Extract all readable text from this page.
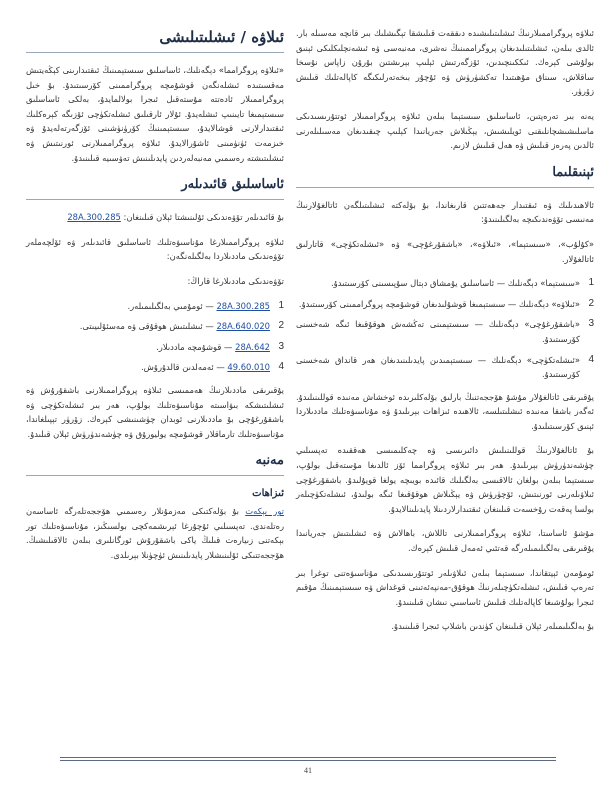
ئىلاۋە پروگراممىلارنىڭ ئىشلىتىلىشىدە دىققەت قىلىشقا تېگىشلىك بىر قانچە مەسىلە بار. ئالدى بىلەن، ئىشلىتىلىدىغان پروگراممىنىڭ نەشرى، مەنبەسى ۋە ئىشەنچلىكلىكى ئېنىق بولۇشى كېرەك. ئىككىنچىدىن، ئۆزگەرتىش ئېلىپ بېرىشتىن بۇرۇن زاپاس نۇسخا ساقلاش، سىناق مۇھىتىدا تەكشۈرۈش ۋە ئۇچۇر بىخەتەرلىكىگە كاپالەتلىك قىلىش زۆرۈر.

يەنە بىر تەرەپتىن، ئاساسلىق سىستېما بىلەن ئىلاۋە پروگراممىلار ئوتتۇرىسىدىكى ماسلىشىشچانلىقنى ئويلىشىش، يېڭىلاش جەريانىدا كېلىپ چىقىدىغان مەسىلىلەرنى ئالدىن پەرەز قىلىش ۋە ھەل قىلىش لازىم.

ئېنىقلىما

ئالاھىدىلىك ۋە ئىقتىدار جەھەتتىن قارىغاندا، بۇ بۆلەكتە ئىشلىتىلگەن ئاتالغۇلارنىڭ مەنىسى تۆۋەندىكىچە بەلگىلىنىدۇ:

«كۇلۇب»، «سىستېما»، «ئىلاۋە»، «باشقۇرغۇچى» ۋە «ئىشلەتكۈچى» قاتارلىق ئاتالغۇلار.

1
«سىستېما» دېگەنلىك — ئاساسلىق يۇمشاق دېتال سۇپىسىنى كۆرسىتىدۇ.
2
«ئىلاۋە» دېگەنلىك — سىستېمىغا قوشۇلىدىغان قوشۇمچە پروگراممىنى كۆرسىتىدۇ.
3
«باشقۇرغۇچى» دېگەنلىك — سىستېمىنى تەڭشەش ھوقۇقىغا ئىگە شەخسنى كۆرسىتىدۇ.
4
«ئىشلەتكۈچى» دېگەنلىك — سىستېمىدىن پايدىلىنىدىغان ھەر قانداق شەخسنى كۆرسىتىدۇ.

يۇقىرىقى ئاتالغۇلار مۇشۇ ھۆججەتنىڭ بارلىق بۆلەكلىرىدە ئوخشاش مەنىدە قوللىنىلىدۇ. ئەگەر باشقا مەنىدە ئىشلىتىلسە، ئالاھىدە ئىزاھات بېرىلىدۇ ۋە مۇناسىۋەتلىك ماددىلاردا ئېنىق كۆرسىتىلىدۇ.

بۇ ئاتالغۇلارنىڭ قوللىنىلىش دائىرىسى ۋە چەكلىمىسى ھەققىدە تەپسىلىي چۈشەندۈرۈش بېرىلىدۇ. ھەر بىر ئىلاۋە پروگرامما ئۆز ئالدىغا مۇستەقىل بولۇپ، سىستېما بىلەن بولغان ئالاقىسى بەلگىلىك قائىدە بويىچە يولغا قويۇلىدۇ. باشقۇرغۇچى ئىلاۋىلەرنى ئورنىتىش، ئۆچۈرۈش ۋە يېڭىلاش ھوقۇقىغا ئىگە بولىدۇ، ئىشلەتكۈچىلەر بولسا پەقەت رۇخسەت قىلىنغان ئىقتىدارلاردىنلا پايدىلىنالايدۇ.

مۇشۇ ئاساستا، ئىلاۋە پروگراممىلارنى تاللاش، باھالاش ۋە ئىشلىتىش جەريانىدا يۇقىرىقى بەلگىلىمىلەرگە قەتئىي ئەمەل قىلىش كېرەك.

ئومۇمەن ئېيتقاندا، سىستېما بىلەن ئىلاۋىلەر ئوتتۇرىسىدىكى مۇناسىۋەتنى توغرا بىر تەرەپ قىلىش، ئىشلەتكۈچىلەرنىڭ ھوقۇق-مەنپەئەتىنى قوغداش ۋە سىستېمىنىڭ مۇقىم ئىجرا بولۇشىغا كاپالەتلىك قىلىش ئاساسىي نىشان قىلىنىدۇ.

بۇ بەلگىلىمىلەر ئېلان قىلىنغان كۈندىن باشلاپ ئىجرا قىلىنىدۇ.

ئىلاۋە / ئىشلىتىلىشى

«ئىلاۋە پروگرامما» دېگەنلىك، ئاساسلىق سىستېمىنىڭ ئىقتىدارىنى كېڭەيتىش مەقسىتىدە ئىشلەنگەن قوشۇمچە پروگراممىنى كۆرسىتىدۇ. بۇ خىل پروگراممىلار ئادەتتە مۇستەقىل ئىجرا بولالمايدۇ، بەلكى ئاساسلىق سىستېمىغا تايىنىپ ئىشلەيدۇ. ئۇلار ئارقىلىق ئىشلەتكۈچى ئۆزىگە كېرەكلىك ئىقتىدارلارنى قوشالايدۇ، سىستېمىنىڭ كۆرۈنۈشىنى ئۆزگەرتەلەيدۇ ۋە خىزمەت ئۈنۈمىنى ئاشۇرالايدۇ. ئىلاۋە پروگراممىلارنى ئورنىتىش ۋە ئىشلىتىشتە رەسمىي مەنبەلەردىن پايدىلىنىش تەۋسىيە قىلىنىدۇ.

ئاساسلىق قائىدىلەر

بۇ قائىدىلەر تۆۋەندىكى ئۇلىنىشتا ئېلان قىلىنغان: 28A.300.285

ئىلاۋە پروگراممىلارغا مۇناسىۋەتلىك ئاساسلىق قائىدىلەر ۋە ئۆلچەملەر تۆۋەندىكى ماددىلاردا بەلگىلەنگەن:

تۆۋەندىكى ماددىلارغا قاراڭ:

1
28A.300.285 — ئومۇمىي بەلگىلىمىلەر.
2
28A.640.020 — ئىشلىتىش ھوقۇقى ۋە مەسئۇلىيىتى.
3
28A.642 — قوشۇمچە ماددىلار.
4
49.60.010 — ئەمەلدىن قالدۇرۇش.

يۇقىرىقى ماددىلارنىڭ ھەممىسى ئىلاۋە پروگراممىلارنى باشقۇرۇش ۋە ئىشلىتىشكە بىۋاسىتە مۇناسىۋەتلىك بولۇپ، ھەر بىر ئىشلەتكۈچى ۋە باشقۇرغۇچى بۇ ماددىلارنى ئوبدان چۈشىنىشى كېرەك. زۆرۈر تېپىلغاندا، مۇناسىۋەتلىك تارماقلار قوشۇمچە يوليورۇق ۋە چۈشەندۈرۈش ئېلان قىلىدۇ.

مەنبە
ئىزاھات

تور بېكەت بۇ بۆلەكتىكى مەزمۇنلار رەسمىي ھۆججەتلەرگە ئاساسەن رەتلەندى. تەپسىلىي ئۇچۇرغا ئېرىشمەكچى بولسىڭىز، مۇناسىۋەتلىك تور بېكەتنى زىيارەت قىلىڭ ياكى باشقۇرۇش ئورگانلىرى بىلەن ئالاقىلىشىڭ. ھۆججەتتىكى ئۇلىنىشلار پايدىلىنىش ئۈچۈنلا بېرىلدى.

41
